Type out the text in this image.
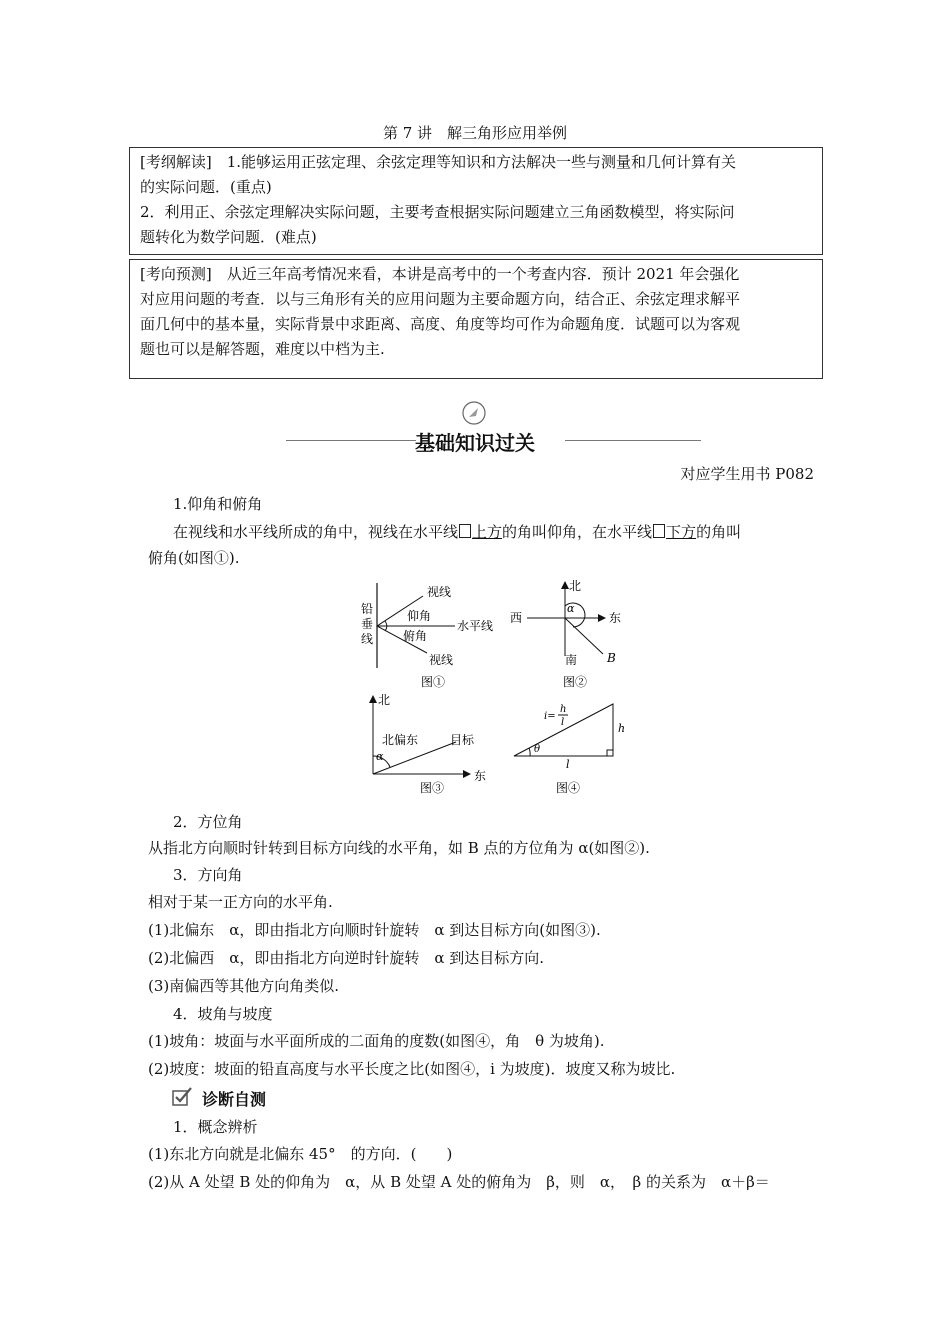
第 7 讲　解三角形应用举例
[考纲解读]　1.能够运用正弦定理、余弦定理等知识和方法解决一些与测量和几何计算有关
的实际问题．(重点)
2．利用正、余弦定理解决实际问题，主要考查根据实际问题建立三角函数模型，将实际问
题转化为数学问题．(难点)
[考向预测]　从近三年高考情况来看，本讲是高考中的一个考查内容．预计 2021 年会强化
对应用问题的考查．以与三角形有关的应用问题为主要命题方向，结合正、余弦定理求解平
面几何中的基本量，实际背景中求距离、高度、角度等均可作为命题角度．试题可以为客观
题也可以是解答题，难度以中档为主.
基础知识过关
对应学生用书 P082
1.仰角和俯角
在视线和水平线所成的角中，视线在水平线 上方的角叫仰角，在水平线 下方的角叫
俯角(如图①).
铅
垂
线
视线
仰角
水平线
俯角
视线
图①
北
西	东
南
α
B
图②
北
北偏东	目标
α
东
图③
i=
h
l
θ
h
l
图④
2．方位角
从指北方向顺时针转到目标方向线的水平角，如 B 点的方位角为 α(如图②).
3．方向角
相对于某一正方向的水平角.
(1)北偏东　α，即由指北方向顺时针旋转　α 到达目标方向(如图③).
(2)北偏西　α，即由指北方向逆时针旋转　α 到达目标方向.
(3)南偏西等其他方向角类似.
4．坡角与坡度
(1)坡角：坡面与水平面所成的二面角的度数(如图④，角　θ 为坡角).
(2)坡度：坡面的铅直高度与水平长度之比(如图④，i 为坡度)．坡度又称为坡比.
诊断自测
1．概念辨析
(1)东北方向就是北偏东 45°　的方向．(　　)
(2)从 A 处望 B 处的仰角为　α，从 B 处望 A 处的俯角为　β，则　α，　β 的关系为　α＋β＝
